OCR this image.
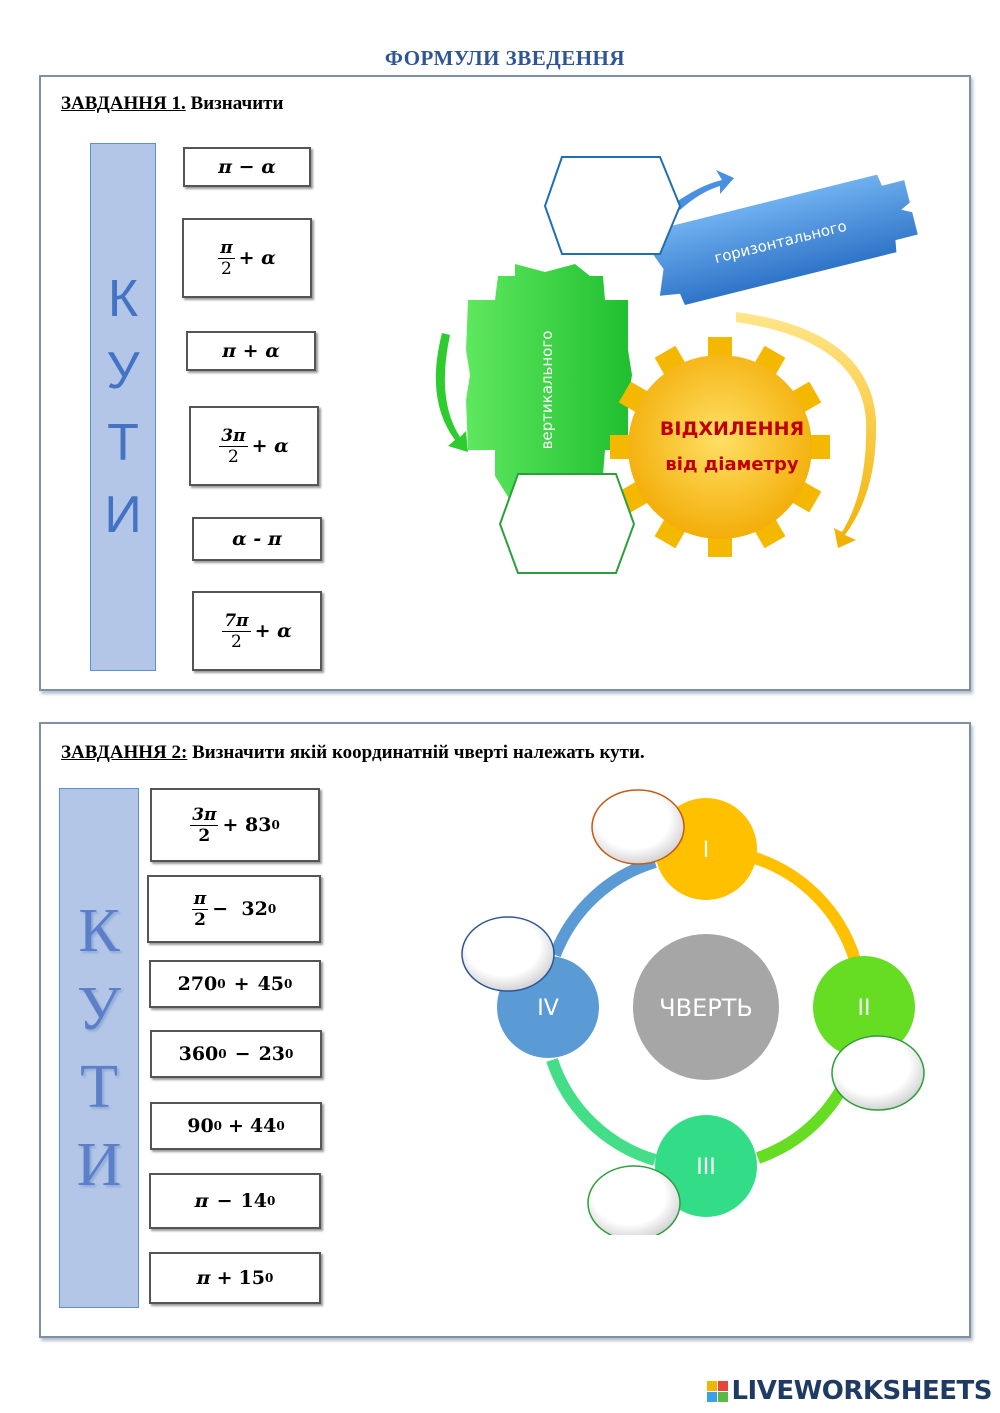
ФОРМУЛИ ЗВЕДЕННЯ
ЗАВДАННЯ 1. Визначити
К
У
Т
И
π − α
$\frac{\pi}{2} + \alpha$
π + α
$\frac{3\pi}{2} + \alpha$
α - π
$\frac{7\pi}{2} + \alpha$
горизонтального
вертикального	ВІДХИЛЕННЯ
від діаметру
ЗАВДАННЯ 2: Визначити якій координатній чверті належать кути.
К
У
Т
И
$\frac{3\pi}{2} + 83$ 0
$\frac{\pi}{2} - 32$ 0
270 0 + 45 0
360 0 − 23 0
90 0 + 44 0
π − 14 0
π + 15 0
ЧВЕРТЬ
I
II
III
IV
LIVEWORKSHEETS
